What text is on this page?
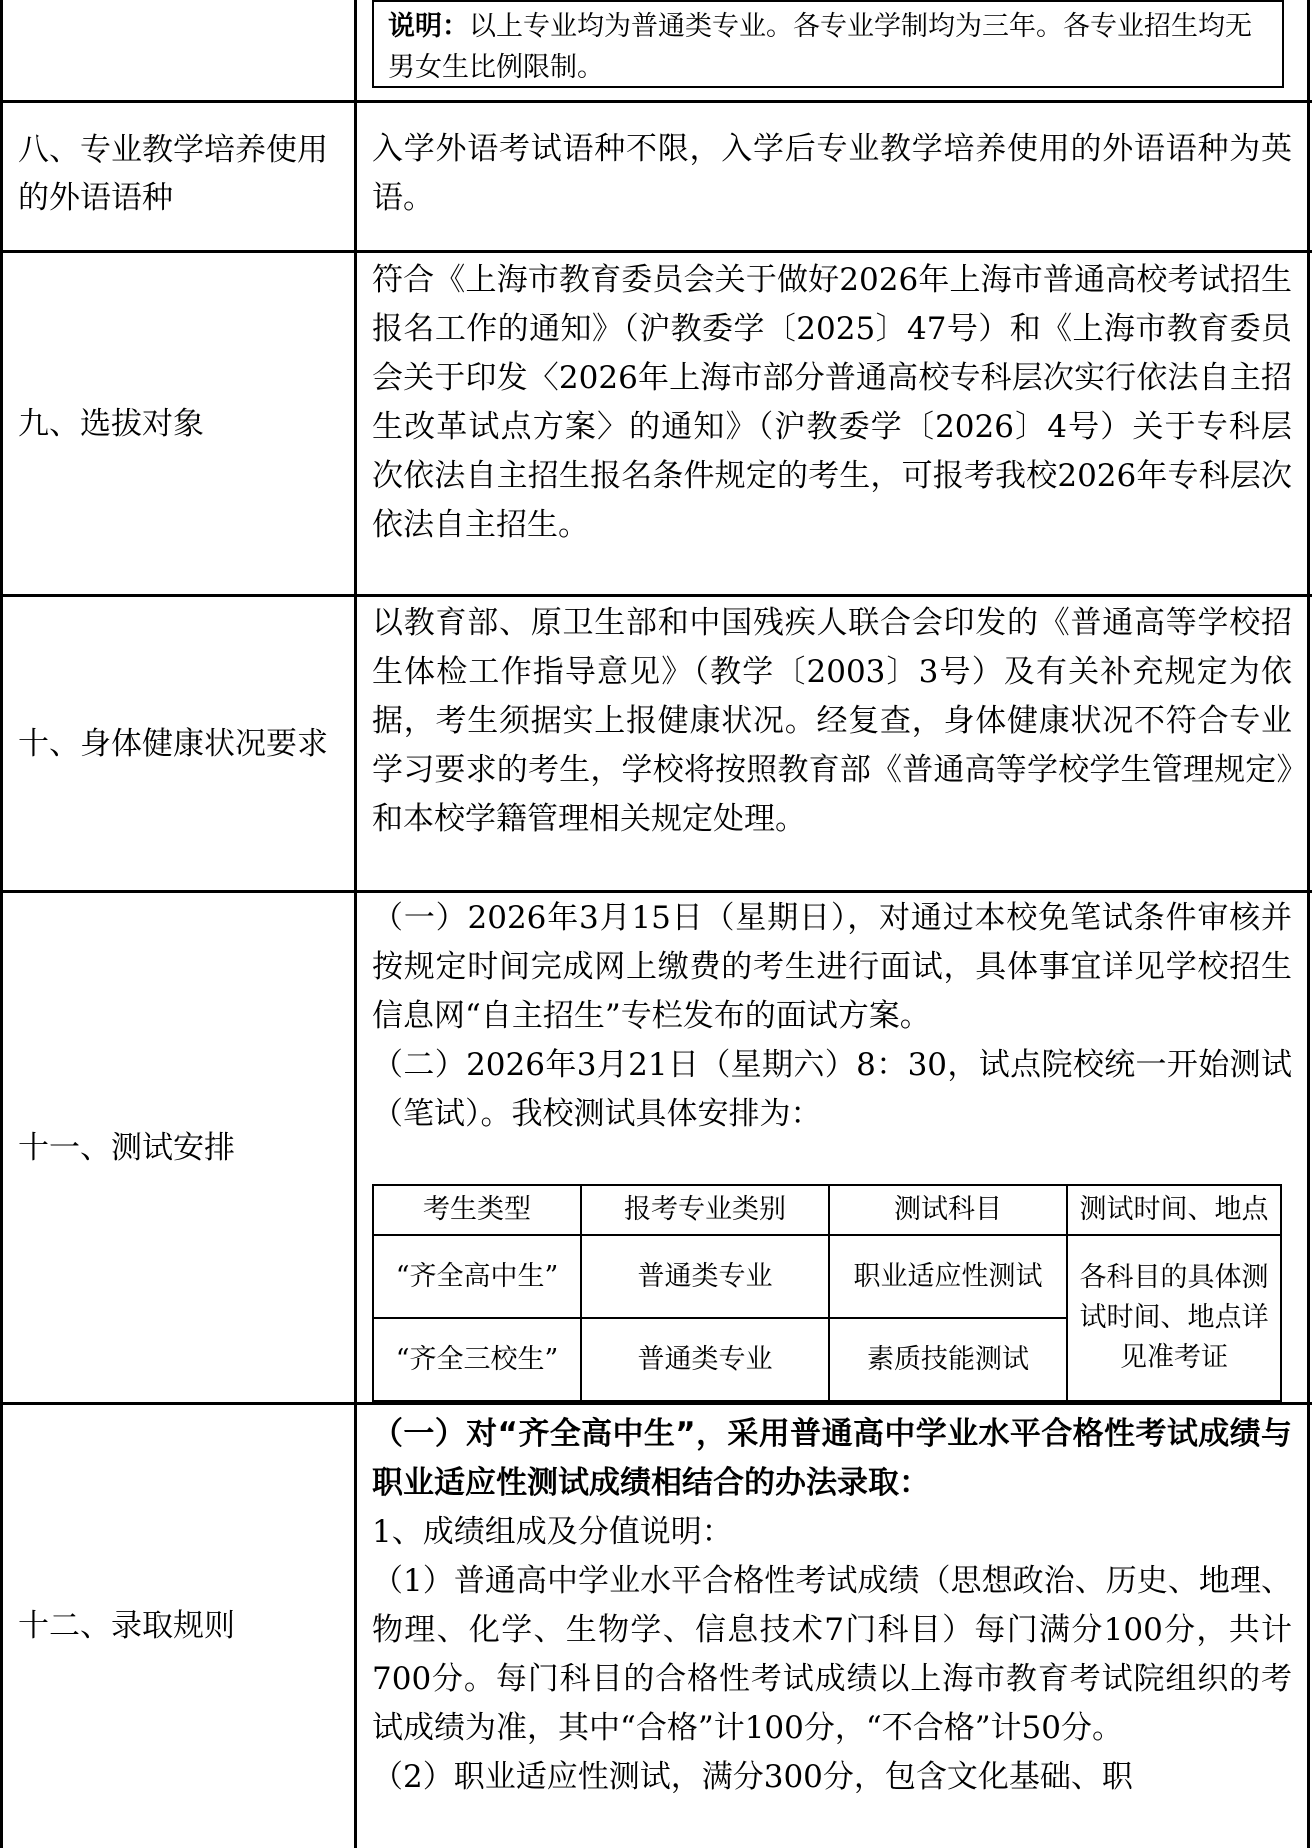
说明：以上专业均为普通类专业。各专业学制均为三年。各专业招生均无男女生比例限制。
八、专业教学培养使用的外语语种

入学外语考试语种不限，入学后专业教学培养使用的外语语种为英语。

九、选拔对象

符合《上海市教育委员会关于做好2026年上海市普通高校考试招生报名工作的通知》（沪教委学〔2025〕47号）和《上海市教育委员会关于印发〈2026年上海市部分普通高校专科层次实行依法自主招生改革试点方案〉的通知》（沪教委学〔2026〕4号）关于专科层次依法自主招生报名条件规定的考生，可报考我校2026年专科层次依法自主招生。

十、身体健康状况要求

以教育部、原卫生部和中国残疾人联合会印发的《普通高等学校招生体检工作指导意见》（教学〔2003〕3号）及有关补充规定为依据，考生须据实上报健康状况。经复查，身体健康状况不符合专业学习要求的考生，学校将按照教育部《普通高等学校学生管理规定》和本校学籍管理相关规定处理。

十一、测试安排

（一）2026年3月15日（星期日），对通过本校免笔试条件审核并按规定时间完成网上缴费的考生进行面试，具体事宜详见学校招生信息网“自主招生”专栏发布的面试方案。

（二）2026年3月21日（星期六）8：30，试点院校统一开始测试（笔试）。我校测试具体安排为：

考生类型	报考专业类别	测试科目	测试时间、地点
“齐全高中生”	普通类专业	职业适应性测试	各科目的具体测试时间、地点详见准考证
“齐全三校生”	普通类专业	素质技能测试	
十二、录取规则

（一）对“齐全高中生”，采用普通高中学业水平合格性考试成绩与职业适应性测试成绩相结合的办法录取：

1、成绩组成及分值说明：

（1）普通高中学业水平合格性考试成绩（思想政治、历史、地理、物理、化学、生物学、信息技术7门科目）每门满分100分，共计700分。每门科目的合格性考试成绩以上海市教育考试院组织的考试成绩为准，其中“合格”计100分，“不合格”计50分。

（2）职业适应性测试，满分300分，包含文化基础、职
